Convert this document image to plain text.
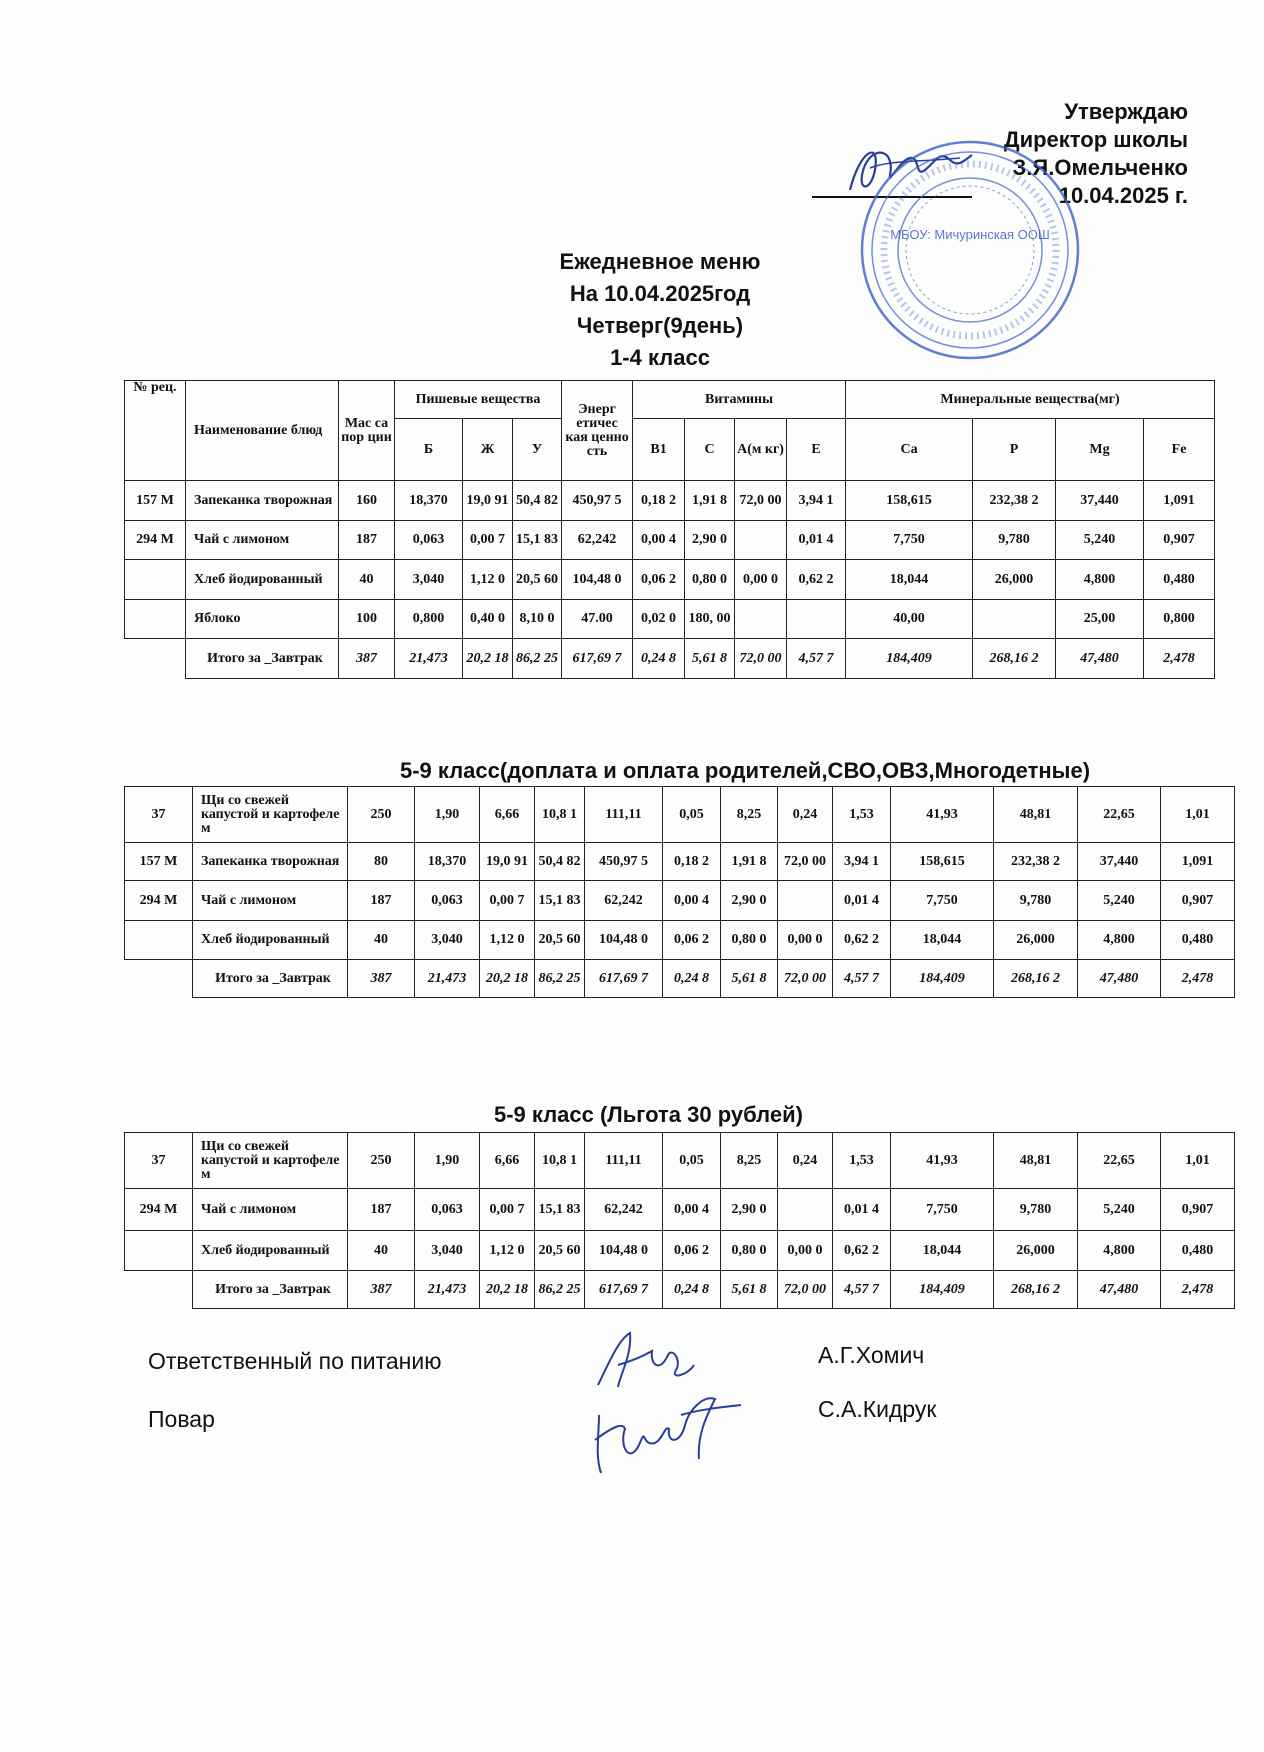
Утверждаю
Директор школы
З.Я.Омельченко
10.04.2025 г.
МБОУ: Мичуринская ООШ
Ежедневное меню
На 10.04.2025год
Четверг(9день)
1-4 класс
№ рец.	Наименование блюд	Мас са пор ции	Пишевые вещества			Энерг етичес кая ценно сть	Витамины				Минеральные вещества(мг)			
			Б	Ж	У		В1	С	А(м кг)	Е	Ca	P	Mg	Fe
157 М	Запеканка творожная	160	18,370	19,0 91	50,4 82	450,97 5	0,18 2	1,91 8	72,0 00	3,94 1	158,615	232,38 2	37,440	1,091
294 М	Чай с лимоном	187	0,063	0,00 7	15,1 83	62,242	0,00 4	2,90 0		0,01 4	7,750	9,780	5,240	0,907
	Хлеб йодированный	40	3,040	1,12 0	20,5 60	104,48 0	0,06 2	0,80 0	0,00 0	0,62 2	18,044	26,000	4,800	0,480
	Яблоко	100	0,800	0,40 0	8,10 0	47.00	0,02 0	180, 00			40,00		25,00	0,800
	Итого за _Завтрак	387	21,473	20,2 18	86,2 25	617,69 7	0,24 8	5,61 8	72,0 00	4,57 7	184,409	268,16 2	47,480	2,478
5-9 класс(доплата и оплата родителей,СВО,ОВЗ,Многодетные)
37	Щи со свежей капустой и картофеле м	250	1,90	6,66	10,8 1	111,11	0,05	8,25	0,24	1,53	41,93	48,81	22,65	1,01
157 М	Запеканка творожная	80	18,370	19,0 91	50,4 82	450,97 5	0,18 2	1,91 8	72,0 00	3,94 1	158,615	232,38 2	37,440	1,091
294 М	Чай с лимоном	187	0,063	0,00 7	15,1 83	62,242	0,00 4	2,90 0		0,01 4	7,750	9,780	5,240	0,907
	Хлеб йодированный	40	3,040	1,12 0	20,5 60	104,48 0	0,06 2	0,80 0	0,00 0	0,62 2	18,044	26,000	4,800	0,480
	Итого за _Завтрак	387	21,473	20,2 18	86,2 25	617,69 7	0,24 8	5,61 8	72,0 00	4,57 7	184,409	268,16 2	47,480	2,478
5-9 класс (Льгота 30 рублей)
37	Щи со свежей капустой и картофеле м	250	1,90	6,66	10,8 1	111,11	0,05	8,25	0,24	1,53	41,93	48,81	22,65	1,01
294 М	Чай с лимоном	187	0,063	0,00 7	15,1 83	62,242	0,00 4	2,90 0		0,01 4	7,750	9,780	5,240	0,907
	Хлеб йодированный	40	3,040	1,12 0	20,5 60	104,48 0	0,06 2	0,80 0	0,00 0	0,62 2	18,044	26,000	4,800	0,480
	Итого за _Завтрак	387	21,473	20,2 18	86,2 25	617,69 7	0,24 8	5,61 8	72,0 00	4,57 7	184,409	268,16 2	47,480	2,478
Ответственный по питанию	А.Г.Хомич
Повар	С.А.Кидрук
